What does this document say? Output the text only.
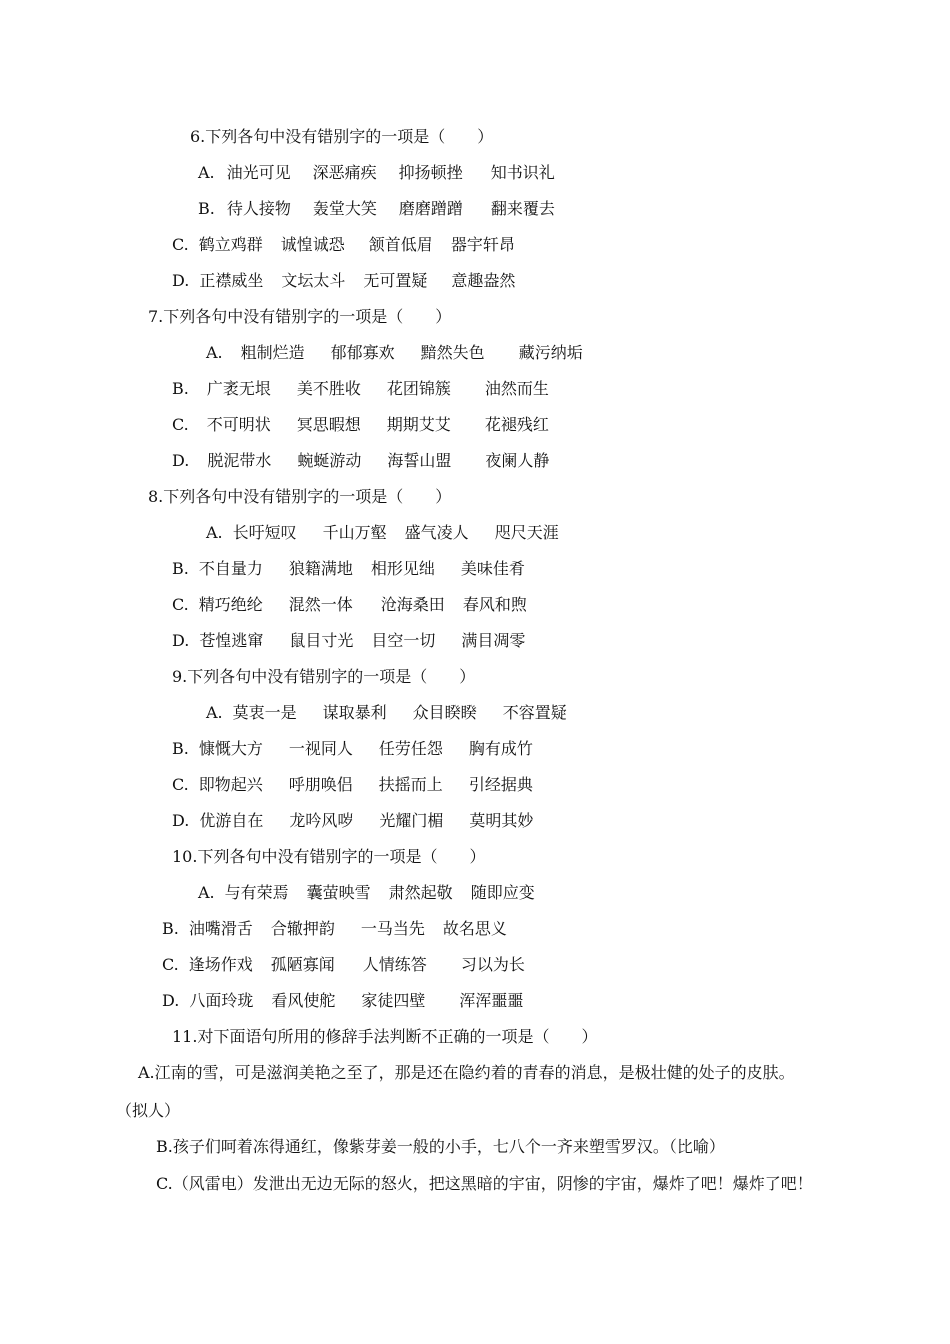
6.下列各句中没有错别字的一项是（　　）
A. 油光可见 深恶痛疾 抑扬顿挫 知书识礼
B. 待人接物 轰堂大笑 磨磨蹭蹭 翻来覆去
C. 鹤立鸡群 诚惶诚恐 颔首低眉 器宇轩昂
D. 正襟威坐 文坛太斗 无可置疑 意趣盎然
7.下列各句中没有错别字的一项是（　　）
A. 粗制烂造 郁郁寡欢 黯然失色 藏污纳垢
B. 广袤无垠 美不胜收 花团锦簇 油然而生
C. 不可明状 冥思暇想 期期艾艾 花褪残红
D. 脱泥带水 蜿蜒游动 海誓山盟 夜阑人静
8.下列各句中没有错别字的一项是（　　）
A. 长吁短叹 千山万壑 盛气凌人 咫尺天涯
B. 不自量力 狼籍满地 相形见绌 美味佳肴
C. 精巧绝纶 混然一体 沧海桑田 春风和煦
D. 苍惶逃窜 鼠目寸光 目空一切 满目凋零
9.下列各句中没有错别字的一项是（　　）
A. 莫衷一是 谋取暴利 众目睽睽 不容置疑
B. 慷慨大方 一视同人 任劳任怨 胸有成竹
C. 即物起兴 呼朋唤侣 扶摇而上 引经据典
D. 优游自在 龙吟风哕 光耀门楣 莫明其妙
10.下列各句中没有错别字的一项是（　　）
A. 与有荣焉 囊萤映雪 肃然起敬 随即应变
B. 油嘴滑舌 合辙押韵 一马当先 故名思义
C. 逢场作戏 孤陋寡闻 人情练答 习以为长
D. 八面玲珑 看风使舵 家徒四壁 浑浑噩噩
11.对下面语句所用的修辞手法判断不正确的一项是（　　）
A.江南的雪，可是滋润美艳之至了，那是还在隐约着的青春的消息，是极壮健的处子的皮肤。
（拟人）
B.孩子们呵着冻得通红，像紫芽姜一般的小手，七八个一齐来塑雪罗汉。（比喻）
C.（风雷电）发泄出无边无际的怒火，把这黑暗的宇宙，阴惨的宇宙，爆炸了吧！爆炸了吧！
